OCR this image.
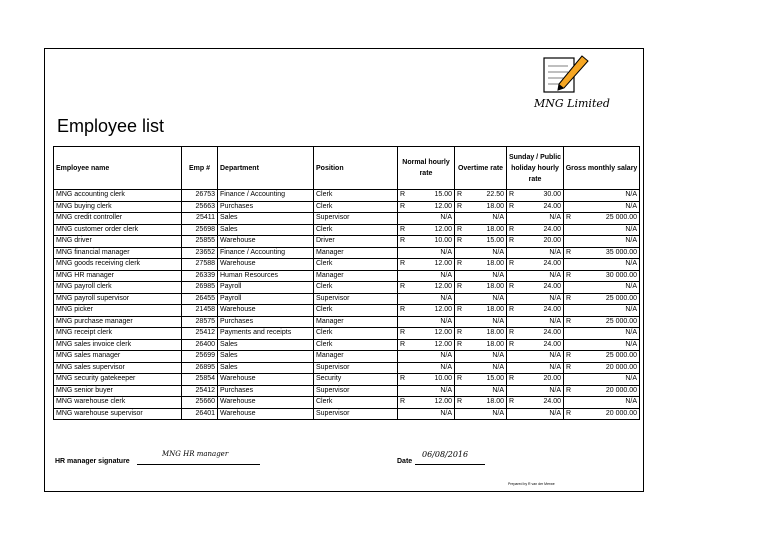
MNG Limited
Employee list
Employee name	Emp #	Department	Position	Normal hourly rate		Overtime rate		Sunday / Public holiday hourly rate		Gross monthly salary	
MNG accounting clerk	26753	Finance / Accounting	Clerk	R	15.00	R	22.50	R	30.00		N/A
MNG buying clerk	25663	Purchases	Clerk	R	12.00	R	18.00	R	24.00		N/A
MNG credit controller	25411	Sales	Supervisor		N/A		N/A		N/A	R	25 000.00
MNG customer order clerk	25698	Sales	Clerk	R	12.00	R	18.00	R	24.00		N/A
MNG driver	25855	Warehouse	Driver	R	10.00	R	15.00	R	20.00		N/A
MNG financial manager	23652	Finance / Accounting	Manager		N/A		N/A		N/A	R	35 000.00
MNG goods receiving clerk	27588	Warehouse	Clerk	R	12.00	R	18.00	R	24.00		N/A
MNG HR manager	26339	Human Resources	Manager		N/A		N/A		N/A	R	30 000.00
MNG payroll clerk	26985	Payroll	Clerk	R	12.00	R	18.00	R	24.00		N/A
MNG payroll supervisor	26455	Payroll	Supervisor		N/A		N/A		N/A	R	25 000.00
MNG picker	21458	Warehouse	Clerk	R	12.00	R	18.00	R	24.00		N/A
MNG purchase manager	28575	Purchases	Manager		N/A		N/A		N/A	R	25 000.00
MNG receipt clerk	25412	Payments and receipts	Clerk	R	12.00	R	18.00	R	24.00		N/A
MNG sales invoice clerk	26400	Sales	Clerk	R	12.00	R	18.00	R	24.00		N/A
MNG sales manager	25699	Sales	Manager		N/A		N/A		N/A	R	25 000.00
MNG sales supervisor	26895	Sales	Supervisor		N/A		N/A		N/A	R	20 000.00
MNG security gatekeeper	25854	Warehouse	Security	R	10.00	R	15.00	R	20.00		N/A
MNG senior buyer	25412	Purchases	Supervisor		N/A		N/A		N/A	R	20 000.00
MNG warehouse clerk	25660	Warehouse	Clerk	R	12.00	R	18.00	R	24.00		N/A
MNG warehouse supervisor	26401	Warehouse	Supervisor		N/A		N/A		N/A	R	20 000.00
HR manager signature
MNG HR manager
Date
06/08/2016
Prepared by R van der Merwe
